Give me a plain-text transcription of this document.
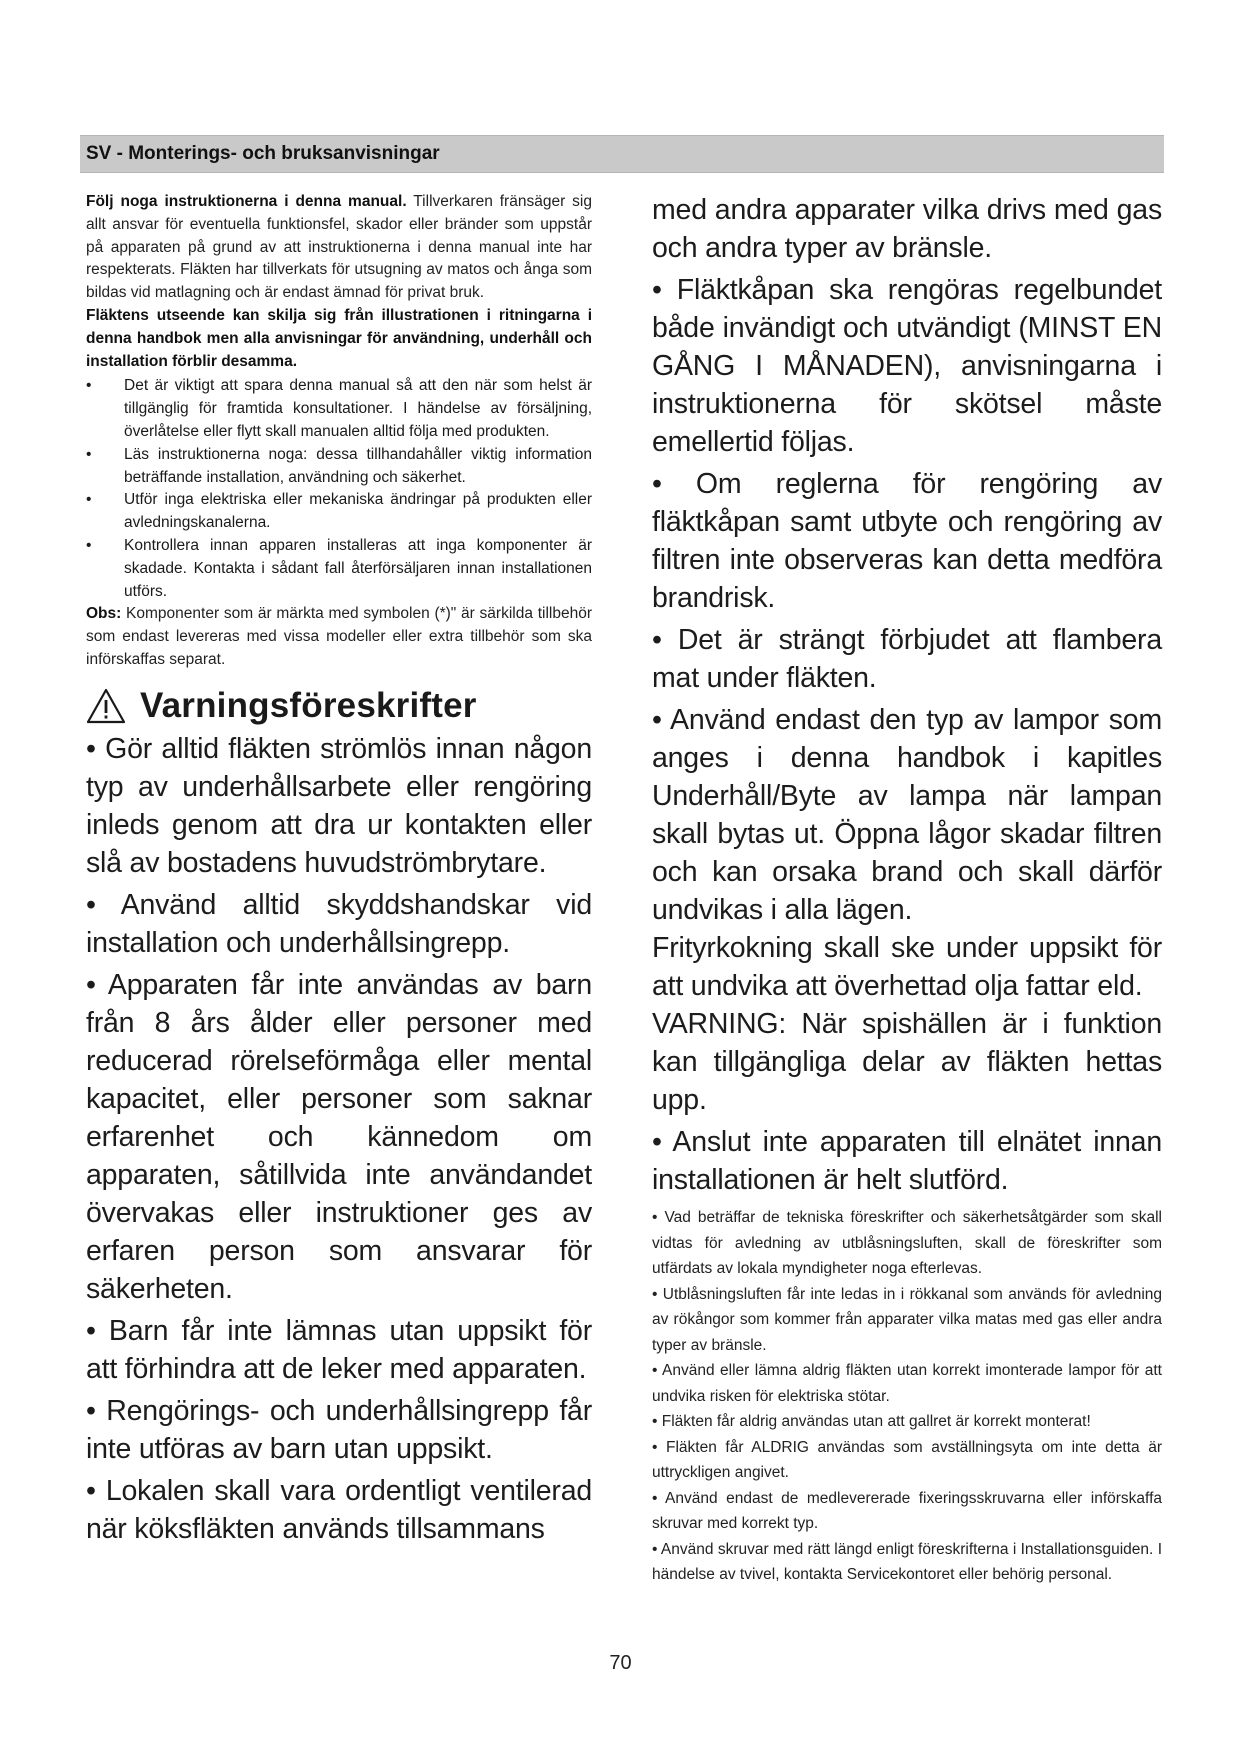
SV - Monterings- och bruksanvisningar

Följ noga instruktionerna i denna manual. Tillverkaren fränsäger sig allt ansvar för eventuella funktionsfel, skador eller bränder som uppstår på apparaten på grund av att instruktionerna i denna manual inte har respekterats. Fläkten har tillverkats för utsugning av matos och ånga som bildas vid matlagning och är endast ämnad för privat bruk.

Fläktens utseende kan skilja sig från illustrationen i ritningarna i denna handbok men alla anvisningar för användning, underhåll och installation förblir desamma.

• Det är viktigt att spara denna manual så att den när som helst är tillgänglig för framtida konsultationer. I händelse av försäljning, överlåtelse eller flytt skall manualen alltid följa med produkten.
• Läs instruktionerna noga: dessa tillhandahåller viktig information beträffande installation, användning och säkerhet.
• Utför inga elektriska eller mekaniska ändringar på produkten eller avledningskanalerna.
• Kontrollera innan apparen installeras att inga komponenter är skadade. Kontakta i sådant fall återförsäljaren innan installationen utförs.

Obs: Komponenter som är märkta med symbolen (*)" är särkilda tillbehör som endast levereras med vissa modeller eller extra tillbehör som ska införskaffas separat.

Varningsföreskrifter

• Gör alltid fläkten strömlös innan någon typ av underhållsarbete eller rengöring inleds genom att dra ur kontakten eller slå av bostadens huvudströmbrytare.

• Använd alltid skyddshandskar vid installation och underhållsingrepp.

• Apparaten får inte användas av barn från 8 års ålder eller personer med reducerad rörelseförmåga eller mental kapacitet, eller personer som saknar erfarenhet och kännedom om apparaten, såtillvida inte användandet övervakas eller instruktioner ges av erfaren person som ansvarar för säkerheten.

• Barn får inte lämnas utan uppsikt för att förhindra att de leker med apparaten.

• Rengörings- och underhållsingrepp får inte utföras av barn utan uppsikt.

• Lokalen skall vara ordentligt ventilerad när köksfläkten används tillsammans

med andra apparater vilka drivs med gas och andra typer av bränsle.

• Fläktkåpan ska rengöras regelbundet både invändigt och utvändigt (MINST EN GÅNG I MÅNADEN), anvisningarna i instruktionerna för skötsel måste emellertid följas.

• Om reglerna för rengöring av fläktkåpan samt utbyte och rengöring av filtren inte observeras kan detta medföra brandrisk.

• Det är strängt förbjudet att flambera mat under fläkten.

• Använd endast den typ av lampor som anges i denna handbok i kapitles Underhåll/Byte av lampa när lampan skall bytas ut. Öppna lågor skadar filtren och kan orsaka brand och skall därför undvikas i alla lägen.

Frityrkokning skall ske under uppsikt för att undvika att överhettad olja fattar eld.

VARNING: När spishällen är i funktion kan tillgängliga delar av fläkten hettas upp.

• Anslut inte apparaten till elnätet innan installationen är helt slutförd.

• Vad beträffar de tekniska föreskrifter och säkerhetsåtgärder som skall vidtas för avledning av utblåsningsluften, skall de föreskrifter som utfärdats av lokala myndigheter noga efterlevas.

• Utblåsningsluften får inte ledas in i rökkanal som används för avledning av rökångor som kommer från apparater vilka matas med gas eller andra typer av bränsle.

• Använd eller lämna aldrig fläkten utan korrekt imonterade lampor för att undvika risken för elektriska stötar.

• Fläkten får aldrig användas utan att gallret är korrekt monterat!

• Fläkten får ALDRIG användas som avställningsyta om inte detta är uttryckligen angivet.

• Använd endast de medlevererade fixeringsskruvarna eller införskaffa skruvar med korrekt typ.

• Använd skruvar med rätt längd enligt föreskrifterna i Installationsguiden. I händelse av tvivel, kontakta Servicekontoret eller behörig personal.

70
